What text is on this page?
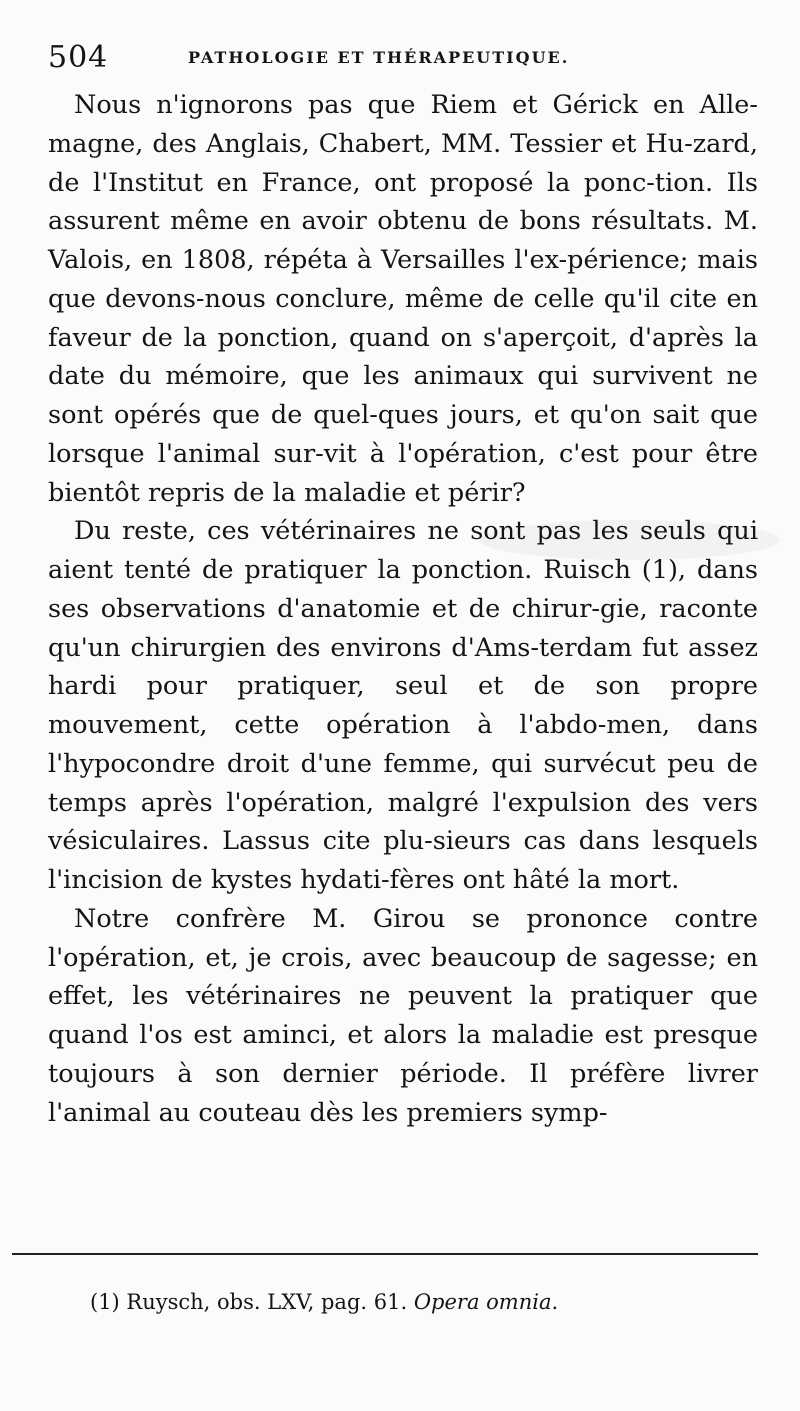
504	PATHOLOGIE ET THÉRAPEUTIQUE.

Nous n'ignorons pas que Riem et Gérick en Alle-magne, des Anglais, Chabert, MM. Tessier et Hu-zard, de l'Institut en France, ont proposé la ponc-tion. Ils assurent même en avoir obtenu de bons résultats. M. Valois, en 1808, répéta à Versailles l'ex-périence; mais que devons-nous conclure, même de celle qu'il cite en faveur de la ponction, quand on s'aperçoit, d'après la date du mémoire, que les animaux qui survivent ne sont opérés que de quel-ques jours, et qu'on sait que lorsque l'animal sur-vit à l'opération, c'est pour être bientôt repris de la maladie et périr?

Du reste, ces vétérinaires ne sont pas les seuls qui aient tenté de pratiquer la ponction. Ruisch (1), dans ses observations d'anatomie et de chirur-gie, raconte qu'un chirurgien des environs d'Ams-terdam fut assez hardi pour pratiquer, seul et de son propre mouvement, cette opération à l'abdo-men, dans l'hypocondre droit d'une femme, qui survécut peu de temps après l'opération, malgré l'expulsion des vers vésiculaires. Lassus cite plu-sieurs cas dans lesquels l'incision de kystes hydati-fères ont hâté la mort.

Notre confrère M. Girou se prononce contre l'opération, et, je crois, avec beaucoup de sagesse; en effet, les vétérinaires ne peuvent la pratiquer que quand l'os est aminci, et alors la maladie est presque toujours à son dernier période. Il préfère livrer l'animal au couteau dès les premiers symp-

(1) Ruysch, obs. LXV, pag. 61. Opera omnia.
